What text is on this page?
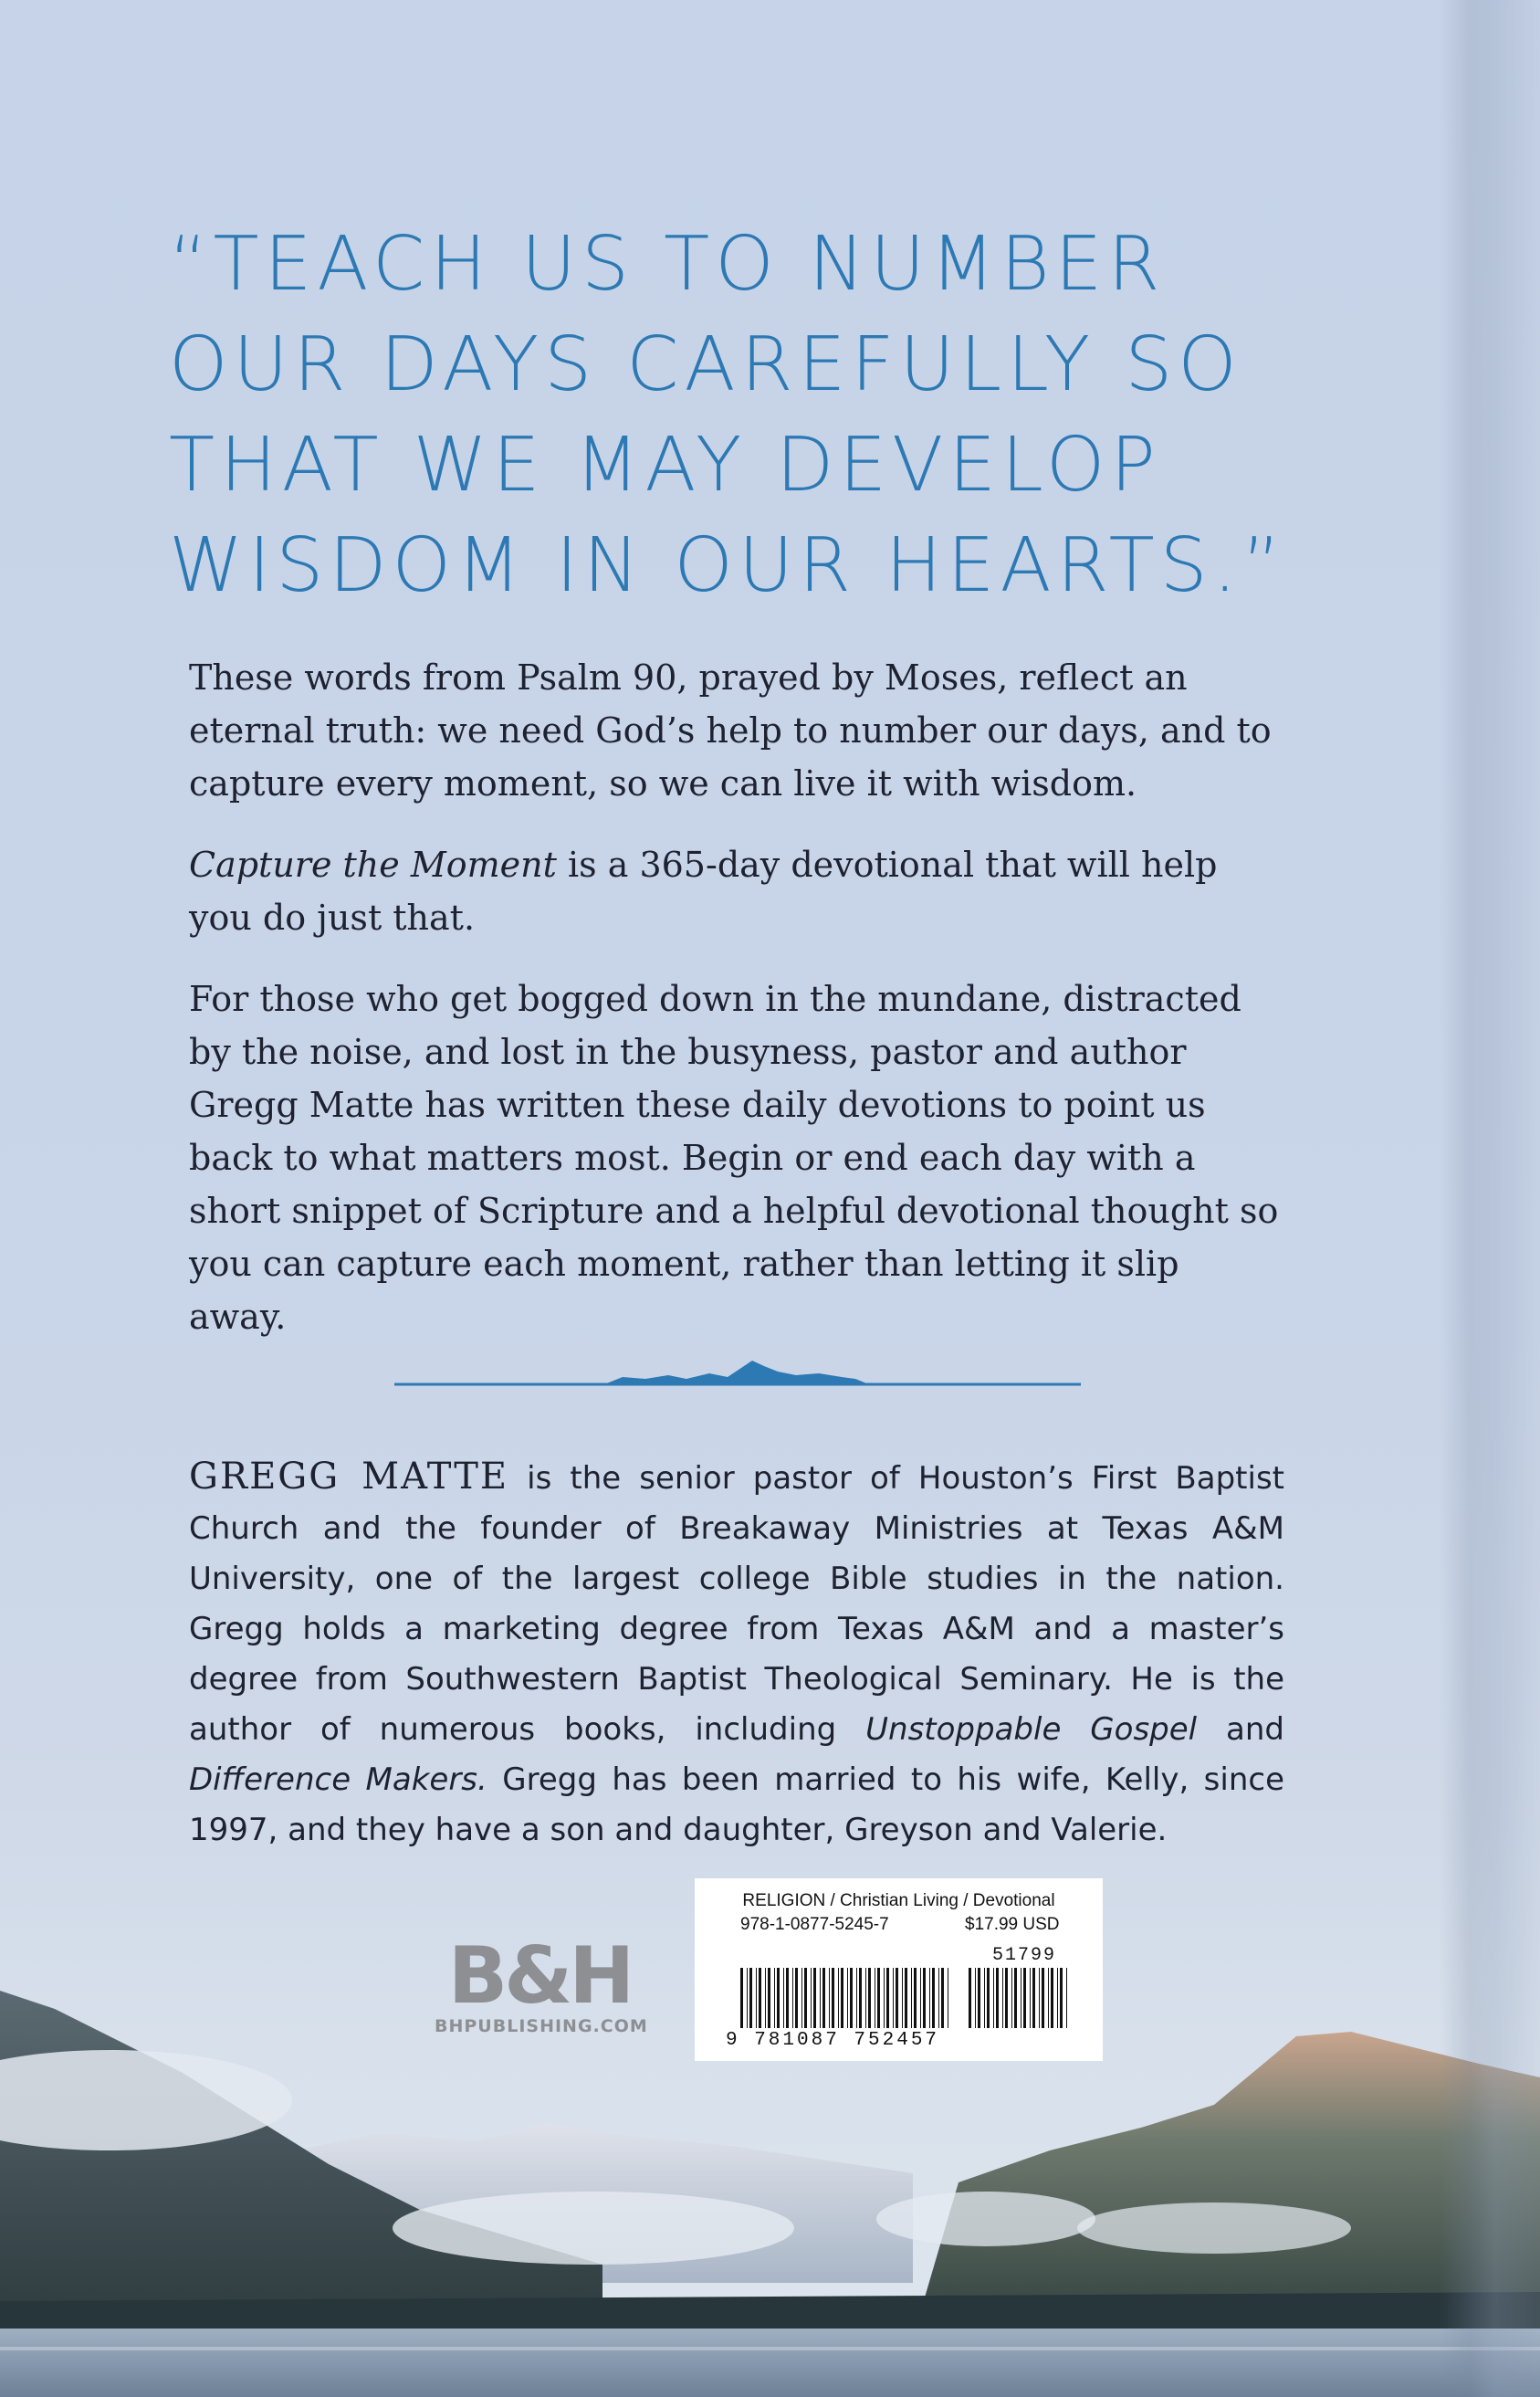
“TEACH US TO NUMBER
OUR DAYS CAREFULLY SO
THAT WE MAY DEVELOP
WISDOM IN OUR HEARTS.”

These words from Psalm 90, prayed by Moses, reflect an eternal truth: we need God’s help to number our days, and to capture every moment, so we can live it with wisdom.

Capture the Moment is a 365-day devotional that will help you do just that.

For those who get bogged down in the mundane, distracted by the noise, and lost in the busyness, pastor and author Gregg Matte has written these daily devotions to point us back to what matters most. Begin or end each day with a short snippet of Scripture and a helpful devotional thought so you can capture each moment, rather than letting it slip away.

GREGG MATTE is the senior pastor of Houston’s First Baptist Church and the founder of Breakaway Ministries at Texas A&M University, one of the largest college Bible studies in the nation. Gregg holds a marketing degree from Texas A&M and a master’s degree from Southwestern Baptist Theological Seminary. He is the author of numerous books, including Unstoppable Gospel and Difference Makers. Gregg has been married to his wife, Kelly, since 1997, and they have a son and daughter, Greyson and Valerie.

B&H
BHPUBLISHING.COM
RELIGION / Christian Living / Devotional
978-1-0877-5245-7	$17.99 USD
51799
9 781087 752457
